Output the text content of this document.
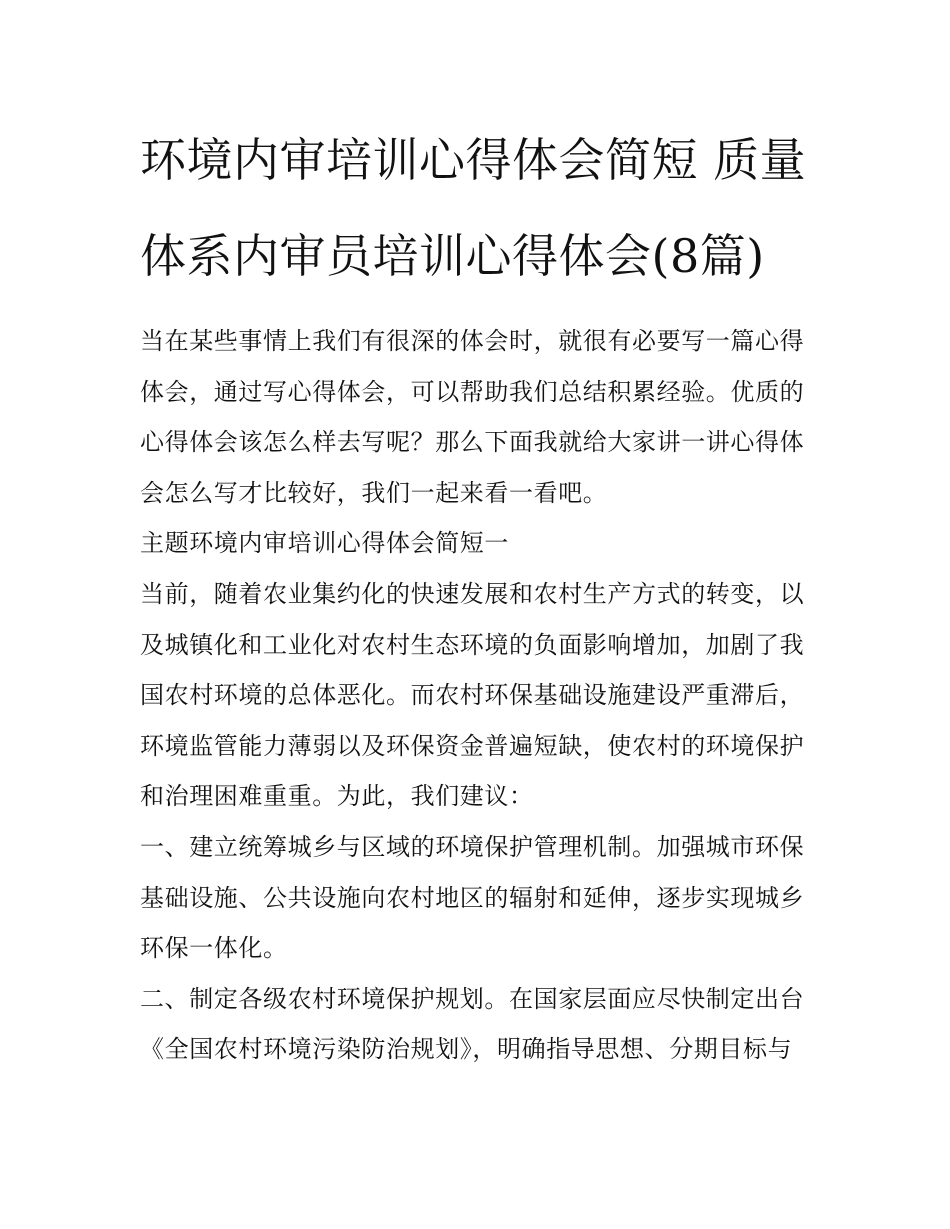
环境内审培训心得体会简短 质量体系内审员培训心得体会(8篇)

当在某些事情上我们有很深的体会时，就很有必要写一篇心得体会，通过写心得体会，可以帮助我们总结积累经验。优质的心得体会该怎么样去写呢？那么下面我就给大家讲一讲心得体会怎么写才比较好，我们一起来看一看吧。

主题环境内审培训心得体会简短一

当前，随着农业集约化的快速发展和农村生产方式的转变，以及城镇化和工业化对农村生态环境的负面影响增加，加剧了我国农村环境的总体恶化。而农村环保基础设施建设严重滞后，环境监管能力薄弱以及环保资金普遍短缺，使农村的环境保护和治理困难重重。为此，我们建议：

一、建立统筹城乡与区域的环境保护管理机制。加强城市环保基础设施、公共设施向农村地区的辐射和延伸，逐步实现城乡环保一体化。

二、制定各级农村环境保护规划。在国家层面应尽快制定出台《全国农村环境污染防治规划》，明确指导思想、分期目标与
